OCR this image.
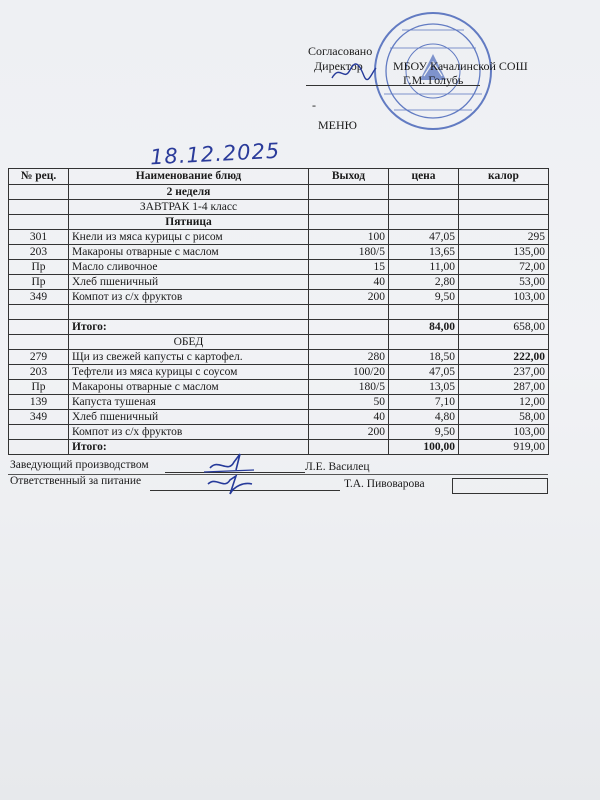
Согласовано
Директор	МБОУ Качалинской СОШ
Г.М. Голубь
-
МЕНЮ
18.12.2025
№ рец.	Наименование блюд	Выход	цена	калор
	2 неделя			
	ЗАВТРАК 1-4 класс			
	Пятница			
301	Кнели из мяса курицы с рисом	100	47,05	295
203	Макароны отварные с маслом	180/5	13,65	135,00
Пр	Масло сливочное	15	11,00	72,00
Пр	Хлеб пшеничный	40	2,80	53,00
349	Компот из с/х фруктов	200	9,50	103,00

	Итого:		84,00	658,00
	ОБЕД			
279	Щи из свежей капусты с картофел.	280	18,50	222,00
203	Тефтели из мяса курицы с соусом	100/20	47,05	237,00
Пр	Макароны отварные с маслом	180/5	13,05	287,00
139	Капуста тушеная	50	7,10	12,00
349	Хлеб пшеничный	40	4,80	58,00
	Компот из с/х фруктов	200	9,50	103,00
	Итого:		100,00	919,00
Заведующий производством	Л.Е. Василец
Ответственный за питание	Т.А. Пивоварова
